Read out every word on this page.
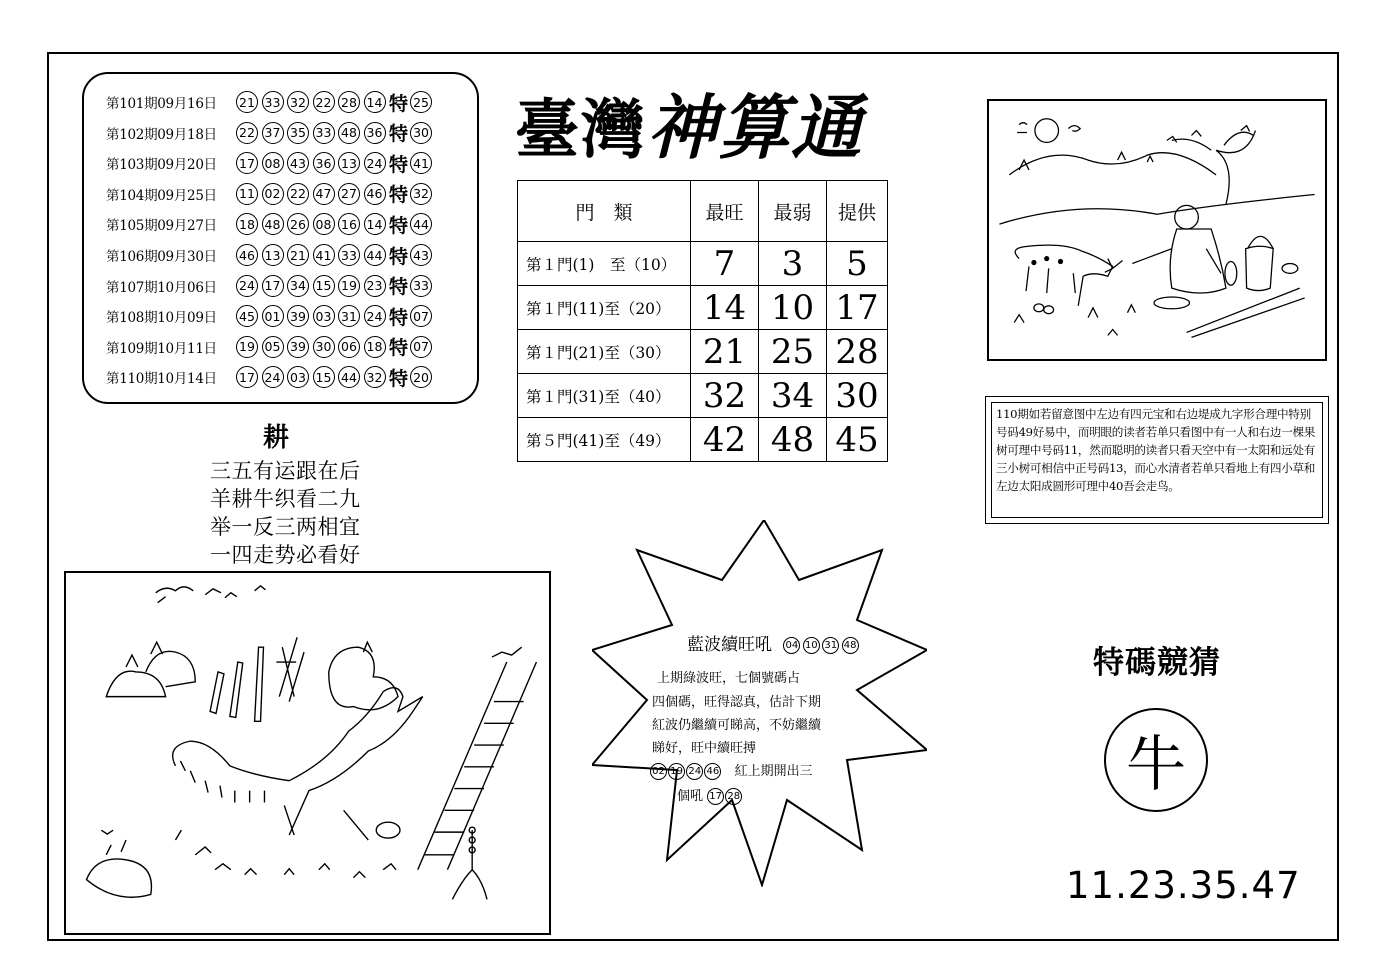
第101期09月16日	21 33 32 22 28 14 特 25
第102期09月18日	22 37 35 33 48 36 特 30
第103期09月20日	17 08 43 36 13 24 特 41
第104期09月25日	11 02 22 47 27 46 特 32
第105期09月27日	18 48 26 08 16 14 特 44
第106期09月30日	46 13 21 41 33 44 特 43
第107期10月06日	24 17 34 15 19 23 特 33
第108期10月09日	45 01 39 03 31 24 特 07
第109期10月11日	19 05 39 30 06 18 特 07
第110期10月14日	17 24 03 15 44 32 特 20
臺灣神算通
門　類	最旺	最弱	提供
第１門(1)　至（10）	7	3	5
第１門(11)至（20）	14	10	17
第１門(21)至（30）	21	25	28
第１門(31)至（40）	32	34	30
第５門(41)至（49）	42	48	45
耕
三五有运跟在后
羊耕牛织看二九
举一反三两相宜
一四走势必看好
110期如若留意图中左边有四元宝和右边堤成九字形合理中特别号码49好易中，而明眼的读者若单只看图中有一人和右边一棵果树可理中号码11，然而聪明的读者只看天空中有一太阳和远处有三小树可相信中正号码13，而心水清者若单只看地上有四小草和左边太阳成圆形可理中40吾会走鸟。
藍波續旺吼 04 10 31 48
上期綠波旺，七個號碼占
四個碼，旺得認真，估計下期
紅波仍繼續可睇高，不妨繼續
睇好，旺中續旺搏
02 19 24 46 紅上期開出三
個吼 17 28
特碼競猜
牛
11.23.35.47
